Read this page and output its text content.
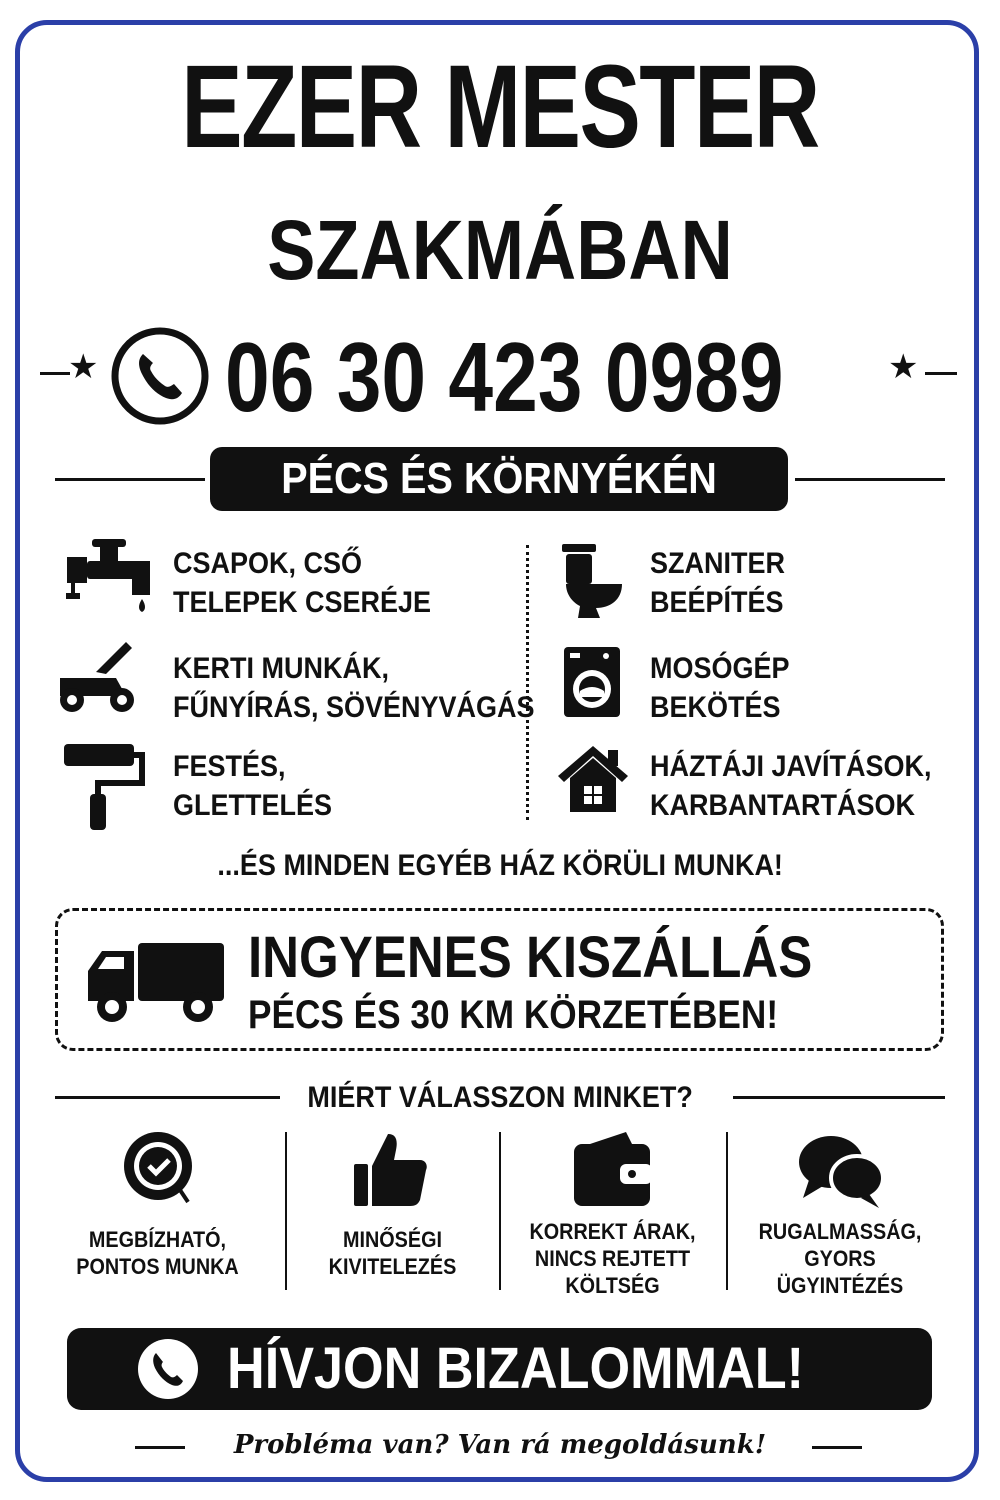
EZER MESTER
SZAKMÁBAN
★ 06 30 423 0989	★
PÉCS ÉS KÖRNYÉKÉN
CSAPOK, CSŐ
TELEPEK CSERÉJE
KERTI MUNKÁK,
FŰNYÍRÁS, SÖVÉNYVÁGÁS
FESTÉS,
GLETTELÉS
SZANITER
BEÉPÍTÉS
MOSÓGÉP
BEKÖTÉS
HÁZTÁJI JAVÍTÁSOK,
KARBANTARTÁSOK
...ÉS MINDEN EGYÉB HÁZ KÖRÜLI MUNKA!
INGYENES KISZÁLLÁS
PÉCS ÉS 30 KM KÖRZETÉBEN!
MIÉRT VÁLASSZON MINKET?
MEGBÍZHATÓ,
PONTOS MUNKA
MINŐSÉGI
KIVITELEZÉS
KORREKT ÁRAK,
NINCS REJTETT
KÖLTSÉG
RUGALMASSÁG,
GYORS
ÜGYINTÉZÉS
HÍVJON BIZALOMMAL!
Probléma van? Van rá megoldásunk!
